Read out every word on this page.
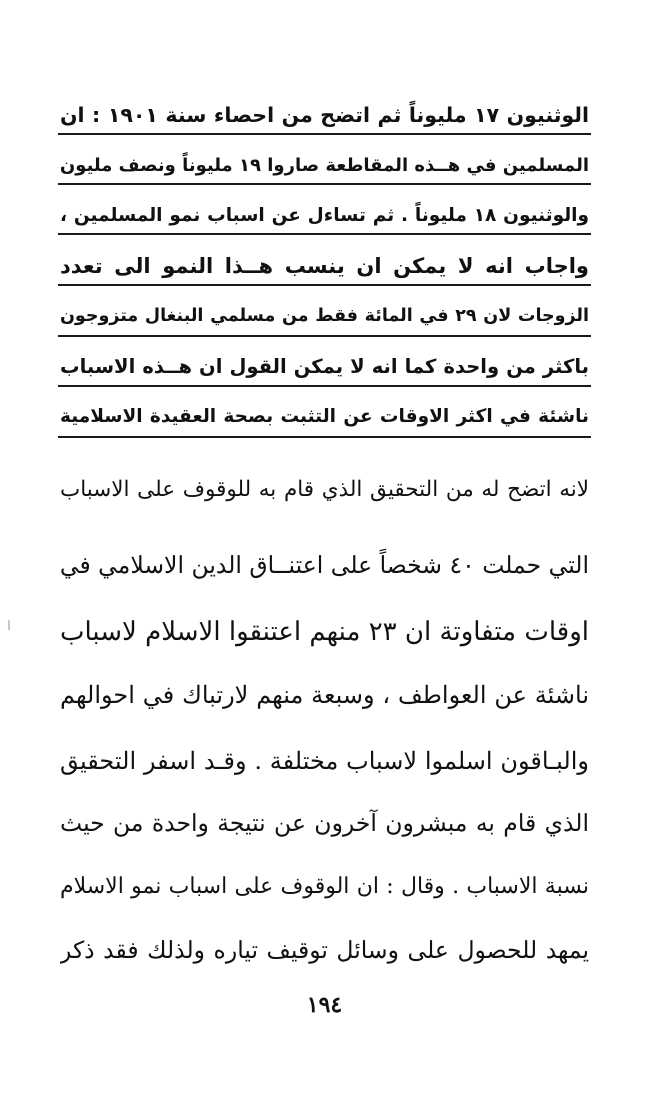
الوثنيون ١٧ مليوناً ثم اتضح من احصاء سنة ١٩٠١ : ان
المسلمين في هــذه المقاطعة صاروا ١٩ مليوناً ونصف مليون
والوثنيون ١٨ مليوناً . ثم تساءل عن اسباب نمو المسلمين ،
واجاب انه لا يمكن ان ينسب هــذا النمو الى تعدد
الزوجات لان ٢٩ في المائة فقط من مسلمي البنغال متزوجون
باكثر من واحدة كما انه لا يمكن القول ان هــذه الاسباب
ناشئة في اكثر الاوقات عن التثبت بصحة العقيدة الاسلامية
لانه اتضح له من التحقيق الذي قام به للوقوف على الاسباب
التي حملت ٤٠ شخصاً على اعتنــاق الدين الاسلامي في
اوقات متفاوتة ان ٢٣ منهم اعتنقوا الاسلام لاسباب
ناشئة عن العواطف ، وسبعة منهم لارتباك في احوالهم
والبـاقون اسلموا لاسباب مختلفة . وقـد اسفر التحقيق
الذي قام به مبشرون آخرون عن نتيجة واحدة من حيث
نسبة الاسباب . وقال : ان الوقوف على اسباب نمو الاسلام
يمهد للحصول على وسائل توقيف تياره ولذلك فقد ذكر
١٩٤
